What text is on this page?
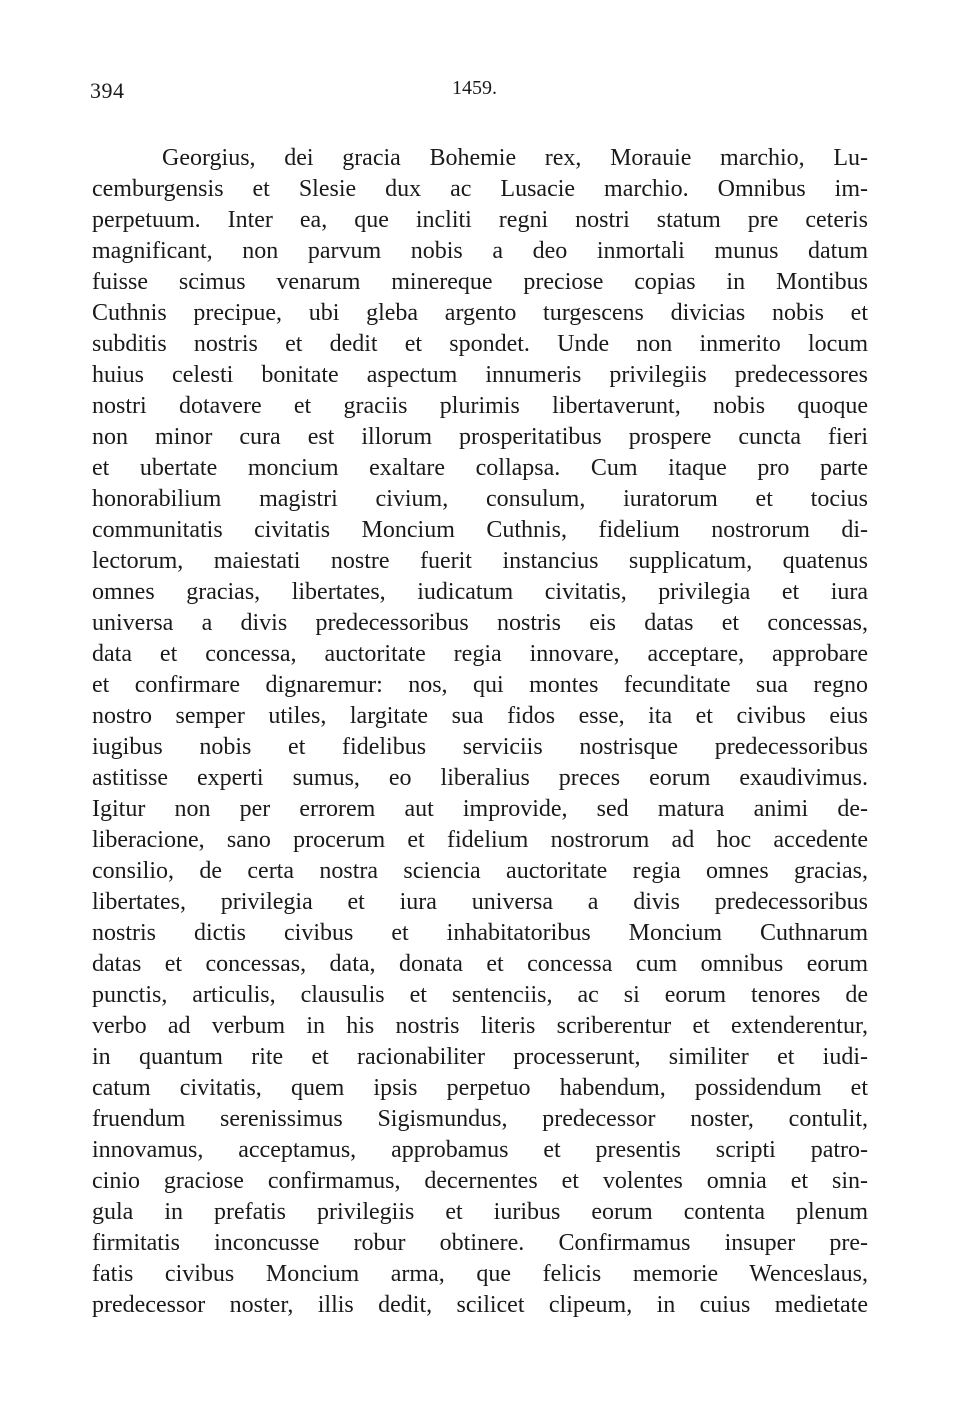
394	1459.
Georgius, dei gracia Bohemie rex, Morauie marchio, Lu-
cemburgensis et Slesie dux ac Lusacie marchio. Omnibus im-
perpetuum. Inter ea, que incliti regni nostri statum pre ceteris
magnificant, non parvum nobis a deo inmortali munus datum
fuisse scimus venarum minereque preciose copias in Montibus
Cuthnis precipue, ubi gleba argento turgescens divicias nobis et
subditis nostris et dedit et spondet. Unde non inmerito locum
huius celesti bonitate aspectum innumeris privilegiis predecessores
nostri dotavere et graciis plurimis libertaverunt, nobis quoque
non minor cura est illorum prosperitatibus prospere cuncta fieri
et ubertate moncium exaltare collapsa. Cum itaque pro parte
honorabilium magistri civium, consulum, iuratorum et tocius
communitatis civitatis Moncium Cuthnis, fidelium nostrorum di-
lectorum, maiestati nostre fuerit instancius supplicatum, quatenus
omnes gracias, libertates, iudicatum civitatis, privilegia et iura
universa a divis predecessoribus nostris eis datas et concessas,
data et concessa, auctoritate regia innovare, acceptare, approbare
et confirmare dignaremur: nos, qui montes fecunditate sua regno
nostro semper utiles, largitate sua fidos esse, ita et civibus eius
iugibus nobis et fidelibus serviciis nostrisque predecessoribus
astitisse experti sumus, eo liberalius preces eorum exaudivimus.
Igitur non per errorem aut improvide, sed matura animi de-
liberacione, sano procerum et fidelium nostrorum ad hoc accedente
consilio, de certa nostra sciencia auctoritate regia omnes gracias,
libertates, privilegia et iura universa a divis predecessoribus
nostris dictis civibus et inhabitatoribus Moncium Cuthnarum
datas et concessas, data, donata et concessa cum omnibus eorum
punctis, articulis, clausulis et sentenciis, ac si eorum tenores de
verbo ad verbum in his nostris literis scriberentur et extenderentur,
in quantum rite et racionabiliter processerunt, similiter et iudi-
catum civitatis, quem ipsis perpetuo habendum, possidendum et
fruendum serenissimus Sigismundus, predecessor noster, contulit,
innovamus, acceptamus, approbamus et presentis scripti patro-
cinio graciose confirmamus, decernentes et volentes omnia et sin-
gula in prefatis privilegiis et iuribus eorum contenta plenum
firmitatis inconcusse robur obtinere. Confirmamus insuper pre-
fatis civibus Moncium arma, que felicis memorie Wenceslaus,
predecessor noster, illis dedit, scilicet clipeum, in cuius medietate
